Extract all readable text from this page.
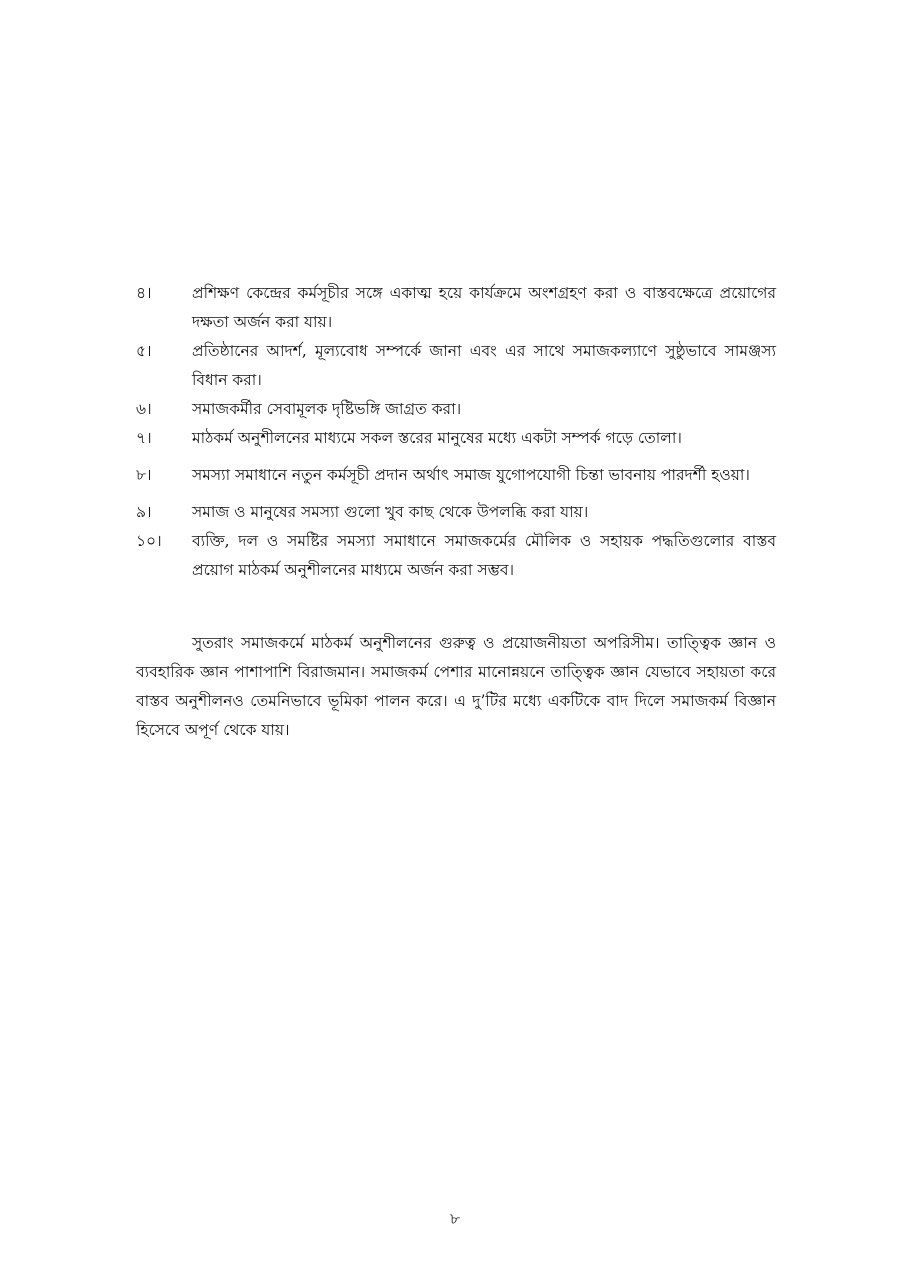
৪।	প্রশিক্ষণ কেন্দ্রের কর্মসূচীর সঙ্গে একাত্ম হয়ে কার্যক্রমে অংশগ্রহণ করা ও বাস্তবক্ষেত্রে প্রয়োগের দক্ষতা অর্জন করা যায়।
৫।	প্রতিষ্ঠানের আদর্শ, মূল্যবোধ সম্পর্কে জানা এবং এর সাথে সমাজকল্যাণে সুষ্ঠুভাবে সামঞ্জস্য বিধান করা।
৬।	সমাজকর্মীর সেবামূলক দৃষ্টিভঙ্গি জাগ্রত করা।
৭।	মাঠকর্ম অনুশীলনের মাধ্যমে সকল স্তরের মানুষের মধ্যে একটা সম্পর্ক গড়ে তোলা।
৮।	সমস্যা সমাধানে নতুন কর্মসূচী প্রদান অর্থাৎ সমাজ যুগোপযোগী চিন্তা ভাবনায় পারদর্শী হওয়া।
৯।	সমাজ ও মানুষের সমস্যা গুলো খুব কাছ থেকে উপলব্ধি করা যায়।
১০।	ব্যক্তি, দল ও সমষ্টির সমস্যা সমাধানে সমাজকর্মের মৌলিক ও সহায়ক পদ্ধতিগুলোর বাস্তব প্রয়োগ মাঠকর্ম অনুশীলনের মাধ্যমে অর্জন করা সম্ভব।

সুতরাং সমাজকর্মে মাঠকর্ম অনুশীলনের গুরুত্ব ও প্রয়োজনীয়তা অপরিসীম। তাত্ত্বিক জ্ঞান ও ব্যবহারিক জ্ঞান পাশাপাশি বিরাজমান। সমাজকর্ম পেশার মানোন্নয়নে তাত্ত্বিক জ্ঞান যেভাবে সহায়তা করে বাস্তব অনুশীলনও তেমনিভাবে ভূমিকা পালন করে। এ দু’টির মধ্যে একটিকে বাদ দিলে সমাজকর্ম বিজ্ঞান হিসেবে অপূর্ণ থেকে যায়।

৮
